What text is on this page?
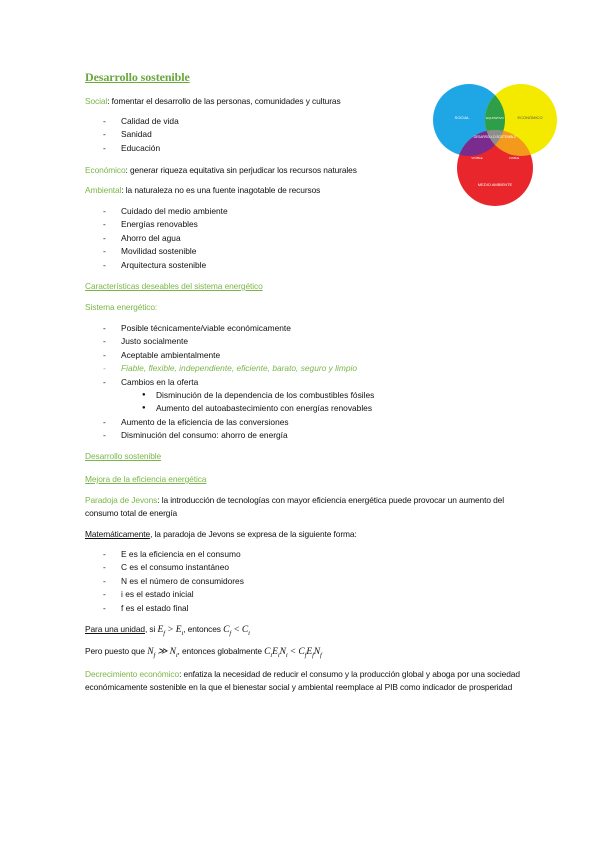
Desarrollo sostenible
Social: fomentar el desarrollo de las personas, comunidades y culturas
- Calidad de vida
- Sanidad
- Educación
Económico: generar riqueza equitativa sin perjudicar los recursos naturales
Ambiental: la naturaleza no es una fuente inagotable de recursos
- Cuidado del medio ambiente
- Energías renovables
- Ahorro del agua
- Movilidad sostenible
- Arquitectura sostenible
Características deseables del sistema energético
Sistema energético:
- Posible técnicamente/viable económicamente
- Justo socialmente
- Aceptable ambientalmente
- Fiable, flexible, independiente, eficiente, barato, seguro y limpio
- Cambios en la oferta
● Disminución de la dependencia de los combustibles fósiles
● Aumento del autoabastecimiento con energías renovables
- Aumento de la eficiencia de las conversiones
- Disminución del consumo: ahorro de energía
Desarrollo sostenible
Mejora de la eficiencia energética
Paradoja de Jevons: la introducción de tecnologías con mayor eficiencia energética puede provocar un aumento del consumo total de energía
Matemáticamente, la paradoja de Jevons se expresa de la siguiente forma:
- E es la eficiencia en el consumo
- C es el consumo instantáneo
- N es el número de consumidores
- i es el estado inicial
- f es el estado final
Para una unidad, si $E_f > E_i$, entonces $C_f < C_i$
Pero puesto que $N_f$ ≫ $N_i$, entonces globalmente $C_iE_iN_i < C_fE_fN_f$
Decrecimiento económico: enfatiza la necesidad de reducir el consumo y la producción global y aboga por una sociedad económicamente sostenible en la que el bienestar social y ambiental reemplace al PIB como indicador de prosperidad
SOCIAL	ECONÓMICO
MEDIO AMBIENTE
EQUITATIVO
VIVIBLE	VIABLE
DESARROLLO SOSTENIBLE
